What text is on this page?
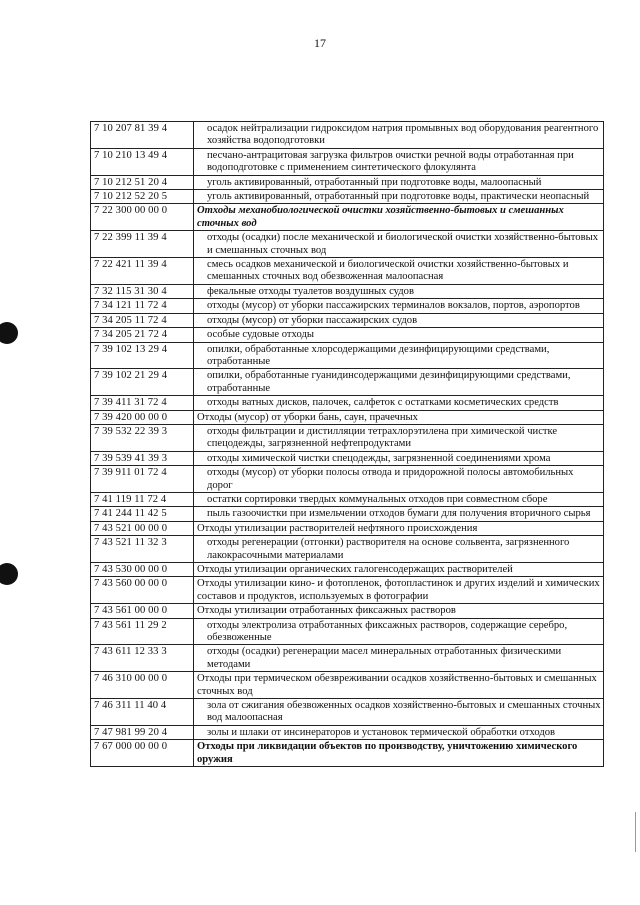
17
7 10 207 81 39 4	осадок нейтрализации гидроксидом натрия промывных вод оборудования реагентного хозяйства водоподготовки
7 10 210 13 49 4	песчано-антрацитовая загрузка фильтров очистки речной воды отработанная при водоподготовке с применением синтетического флокулянта
7 10 212 51 20 4	уголь активированный, отработанный при подготовке воды, малоопасный
7 10 212 52 20 5	уголь активированный, отработанный при подготовке воды, практически неопасный
7 22 300 00 00 0	Отходы механобиологической очистки хозяйственно-бытовых и смешанных сточных вод
7 22 399 11 39 4	отходы (осадки) после механической и биологической очистки хозяйственно-бытовых и смешанных сточных вод
7 22 421 11 39 4	смесь осадков механической и биологической очистки хозяйственно-бытовых и смешанных сточных вод обезвоженная малоопасная
7 32 115 31 30 4	фекальные отходы туалетов воздушных судов
7 34 121 11 72 4	отходы (мусор) от уборки пассажирских терминалов вокзалов, портов, аэропортов
7 34 205 11 72 4	отходы (мусор) от уборки пассажирских судов
7 34 205 21 72 4	особые судовые отходы
7 39 102 13 29 4	опилки, обработанные хлорсодержащими дезинфицирующими средствами, отработанные
7 39 102 21 29 4	опилки, обработанные гуанидинсодержащими дезинфицирующими средствами, отработанные
7 39 411 31 72 4	отходы ватных дисков, палочек, салфеток с остатками косметических средств
7 39 420 00 00 0	Отходы (мусор) от уборки бань, саун, прачечных
7 39 532 22 39 3	отходы фильтрации и дистилляции тетрахлорэтилена при химической чистке спецодежды, загрязненной нефтепродуктами
7 39 539 41 39 3	отходы химической чистки спецодежды, загрязненной соединениями хрома
7 39 911 01 72 4	отходы (мусор) от уборки полосы отвода и придорожной полосы автомобильных дорог
7 41 119 11 72 4	остатки сортировки твердых коммунальных отходов при совместном сборе
7 41 244 11 42 5	пыль газоочистки при измельчении отходов бумаги для получения вторичного сырья
7 43 521 00 00 0	Отходы утилизации растворителей нефтяного происхождения
7 43 521 11 32 3	отходы регенерации (отгонки) растворителя на основе сольвента, загрязненного лакокрасочными материалами
7 43 530 00 00 0	Отходы утилизации органических галогенсодержащих растворителей
7 43 560 00 00 0	Отходы утилизации кино- и фотопленок, фотопластинок и других изделий и химических составов и продуктов, используемых в фотографии
7 43 561 00 00 0	Отходы утилизации отработанных фиксажных растворов
7 43 561 11 29 2	отходы электролиза отработанных фиксажных растворов, содержащие серебро, обезвоженные
7 43 611 12 33 3	отходы (осадки) регенерации масел минеральных отработанных физическими методами
7 46 310 00 00 0	Отходы при термическом обезвреживании осадков хозяйственно-бытовых и смешанных сточных вод
7 46 311 11 40 4	зола от сжигания обезвоженных осадков хозяйственно-бытовых и смешанных сточных вод малоопасная
7 47 981 99 20 4	золы и шлаки от инсинераторов и установок термической обработки отходов
7 67 000 00 00 0	Отходы при ликвидации объектов по производству, уничтожению химического оружия
